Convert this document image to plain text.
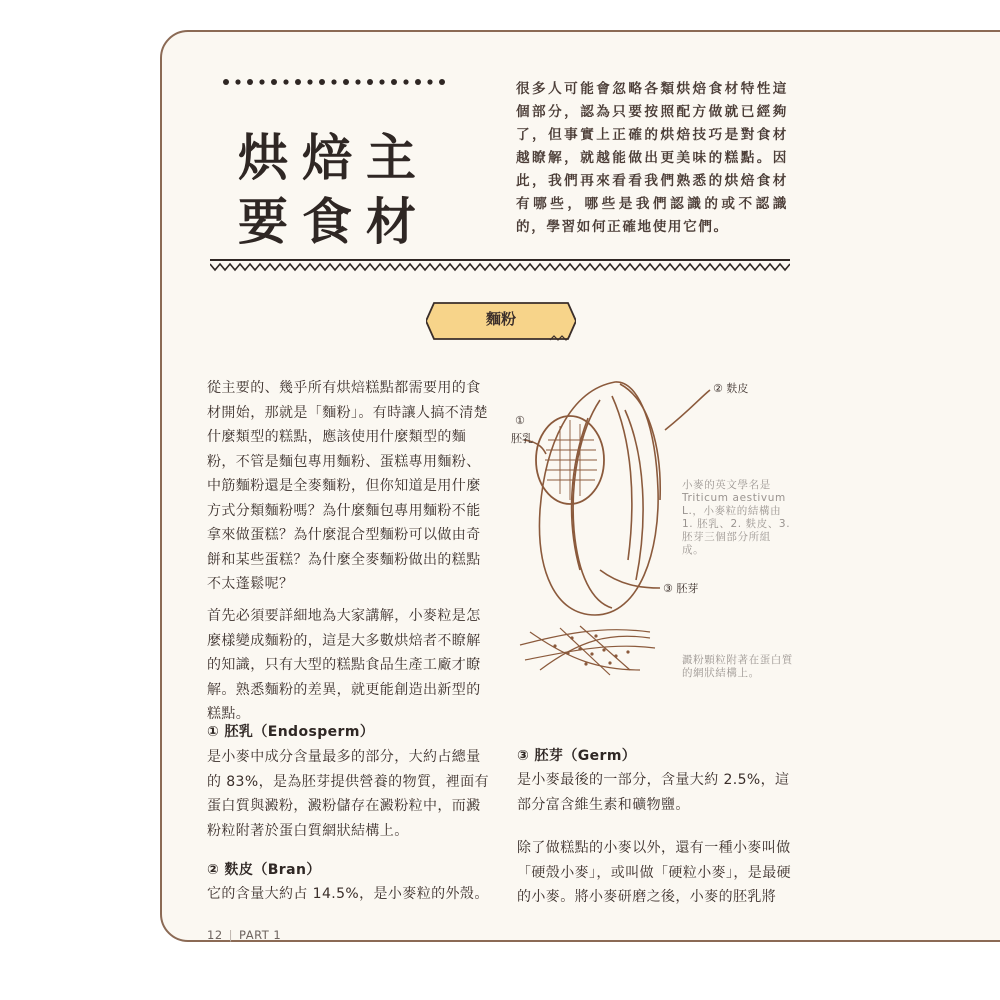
烘焙主
要食材
很多人可能會忽略各類烘焙食材特性這個部分，認為只要按照配方做就已經夠了，但事實上正確的烘焙技巧是對食材越瞭解，就越能做出更美味的糕點。因此，我們再來看看我們熟悉的烘焙食材有哪些，哪些是我們認識的或不認識的，學習如何正確地使用它們。
麵粉
從主要的、幾乎所有烘焙糕點都需要用的食材開始，那就是「麵粉」。有時讓人搞不清楚什麼類型的糕點，應該使用什麼類型的麵粉，不管是麵包專用麵粉、蛋糕專用麵粉、中筋麵粉還是全麥麵粉，但你知道是用什麼方式分類麵粉嗎？為什麼麵包專用麵粉不能拿來做蛋糕？為什麼混合型麵粉可以做由奇餅和某些蛋糕？為什麼全麥麵粉做出的糕點不太蓬鬆呢？
首先必須要詳細地為大家講解，小麥粒是怎麼樣變成麵粉的，這是大多數烘焙者不瞭解的知識，只有大型的糕點食品生產工廠才瞭解。熟悉麵粉的差異，就更能創造出新型的糕點。
① 胚乳（Endosperm）
是小麥中成分含量最多的部分，大約占總量的 83%，是為胚芽提供營養的物質，裡面有蛋白質與澱粉，澱粉儲存在澱粉粒中，而澱粉粒附著於蛋白質網狀結構上。
② 麩皮（Bran）
它的含量大約占 14.5%，是小麥粒的外殼。
①
胚乳
② 麩皮
③ 胚芽
小麥的英文學名是 Triticum aestivum L.，小麥粒的結構由 1. 胚乳、2. 麩皮、3. 胚芽三個部分所組成。
澱粉顆粒附著在蛋白質的網狀結構上。
③ 胚芽（Germ）
是小麥最後的一部分，含量大約 2.5%，這部分富含維生素和礦物鹽。
除了做糕點的小麥以外，還有一種小麥叫做「硬殼小麥」，或叫做「硬粒小麥」，是最硬的小麥。將小麥研磨之後，小麥的胚乳將
12 | PART 1
